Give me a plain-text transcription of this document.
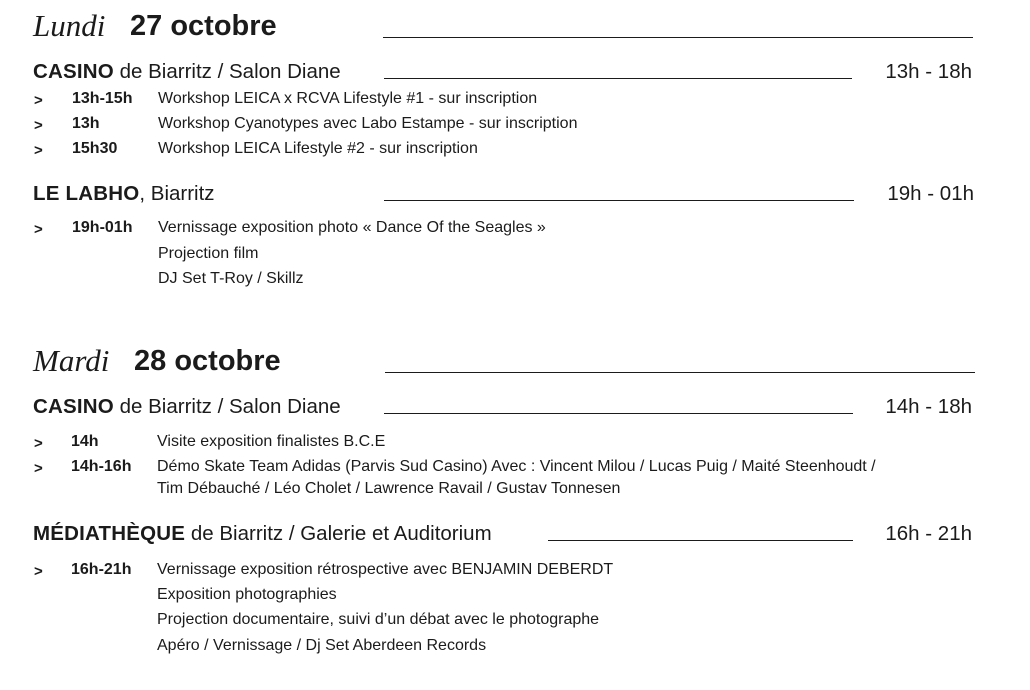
Lundi 27 octobre
CASINO de Biarritz / Salon Diane	13h - 18h
> 13h-15h Workshop LEICA x RCVA Lifestyle #1 - sur inscription
> 13h	Workshop Cyanotypes avec Labo Estampe - sur inscription
> 15h30	Workshop LEICA Lifestyle #2 - sur inscription
LE LABHO, Biarritz	19h - 01h
> 19h-01h Vernissage exposition photo « Dance Of the Seagles »
Projection film
DJ Set T-Roy / Skillz
Mardi 28 octobre
CASINO de Biarritz / Salon Diane	14h - 18h
> 14h	Visite exposition finalistes B.C.E
> 14h-16h Démo Skate Team Adidas (Parvis Sud Casino) Avec : Vincent Milou / Lucas Puig / Maité Steenhoudt /
Tim Débauché / Léo Cholet / Lawrence Ravail / Gustav Tonnesen
MÉDIATHÈQUE de Biarritz / Galerie et Auditorium	16h - 21h
> 16h-21h Vernissage exposition rétrospective avec BENJAMIN DEBERDT
Exposition photographies
Projection documentaire, suivi d’un débat avec le photographe
Apéro / Vernissage / Dj Set Aberdeen Records
